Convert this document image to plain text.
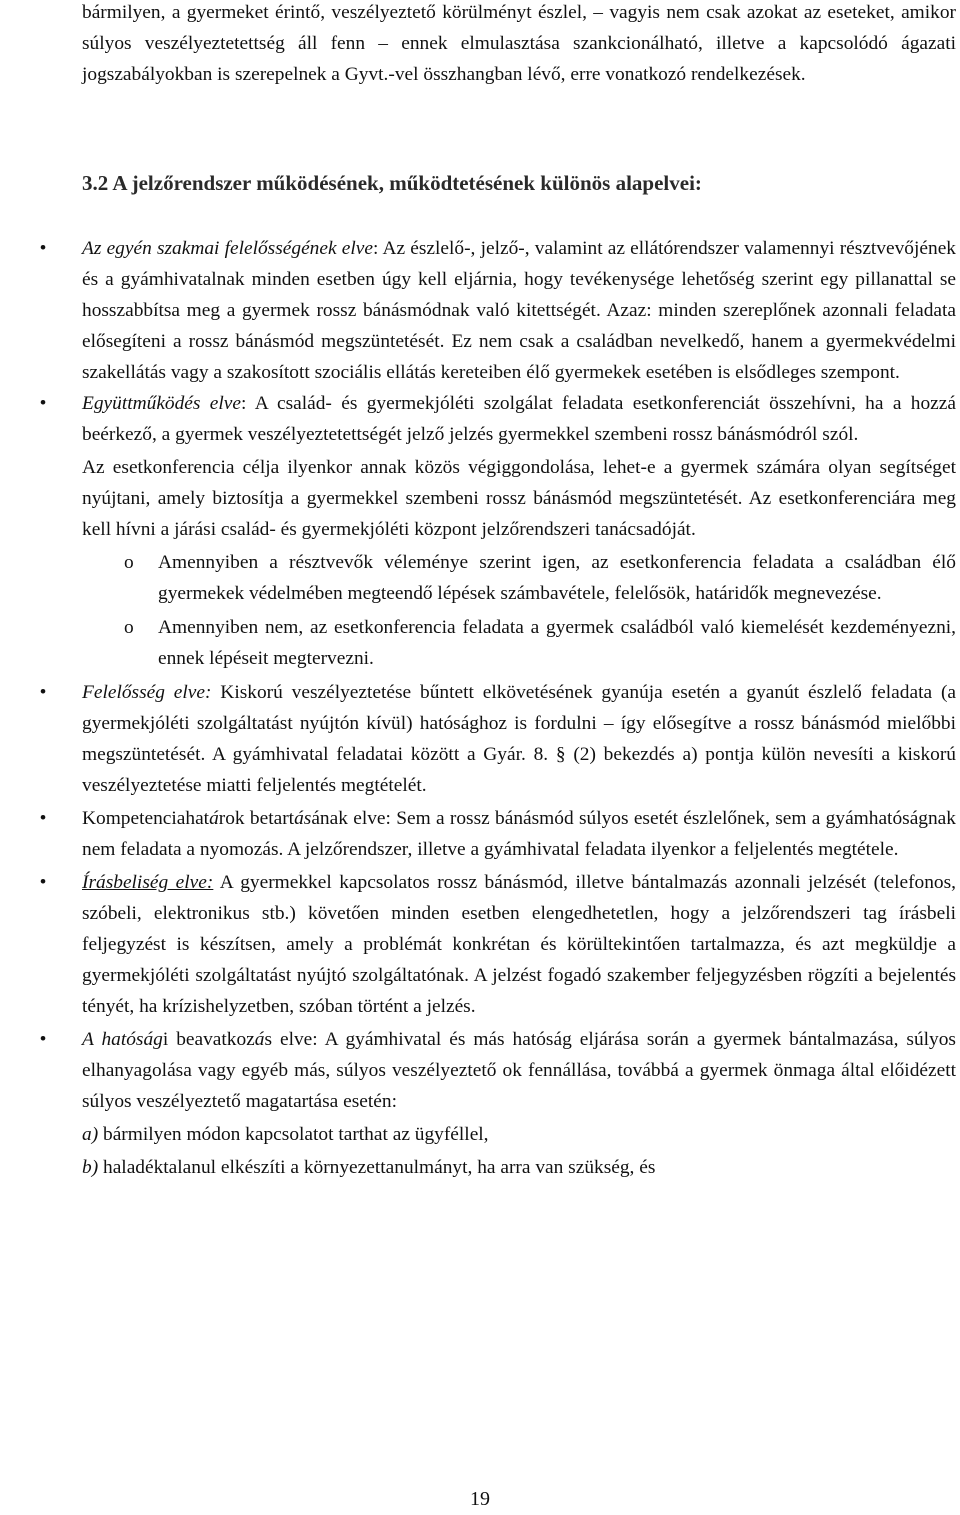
bármilyen, a gyermeket érintő, veszélyeztető körülményt észlel, – vagyis nem csak azokat az eseteket, amikor súlyos veszélyeztetettség áll fenn – ennek elmulasztása szankcionálható, illetve a kapcsolódó ágazati jogszabályokban is szerepelnek a Gyvt.-vel összhangban lévő, erre vonatkozó rendelkezések.
3.2 A jelzőrendszer működésének, működtetésének különös alapelvei:
• Az egyén szakmai felelősségének elve: Az észlelő-, jelző-, valamint az ellátórendszer valamennyi résztvevőjének és a gyámhivatalnak minden esetben úgy kell eljárnia, hogy tevékenysége lehetőség szerint egy pillanattal se hosszabbítsa meg a gyermek rossz bánásmódnak való kitettségét. Azaz: minden szereplőnek azonnali feladata elősegíteni a rossz bánásmód megszüntetését. Ez nem csak a családban nevelkedő, hanem a gyermekvédelmi szakellátás vagy a szakosított szociális ellátás kereteiben élő gyermekek esetében is elsődleges szempont.
• Együttműködés elve: A család- és gyermekjóléti szolgálat feladata esetkonferenciát összehívni, ha a hozzá beérkező, a gyermek veszélyeztetettségét jelző jelzés gyermekkel szembeni rossz bánásmódról szól.
Az esetkonferencia célja ilyenkor annak közös végiggondolása, lehet-e a gyermek számára olyan segítséget nyújtani, amely biztosítja a gyermekkel szembeni rossz bánásmód megszüntetését. Az esetkonferenciára meg kell hívni a járási család- és gyermekjóléti központ jelzőrendszeri tanácsadóját.
o Amennyiben a résztvevők véleménye szerint igen, az esetkonferencia feladata a családban élő gyermekek védelmében megteendő lépések számbavétele, felelősök, határidők megnevezése.
o Amennyiben nem, az esetkonferencia feladata a gyermek családból való kiemelését kezdeményezni, ennek lépéseit megtervezni.
• Felelősség elve: Kiskorú veszélyeztetése bűntett elkövetésének gyanúja esetén a gyanút észlelő feladata (a gyermekjóléti szolgáltatást nyújtón kívül) hatósághoz is fordulni – így elősegítve a rossz bánásmód mielőbbi megszüntetését. A gyámhivatal feladatai között a Gyár. 8. § (2) bekezdés a) pontja külön nevesíti a kiskorú veszélyeztetése miatti feljelentés megtételét.
• Kompetenciahatárok betartásának elve: Sem a rossz bánásmód súlyos esetét észlelőnek, sem a gyámhatóságnak nem feladata a nyomozás. A jelzőrendszer, illetve a gyámhivatal feladata ilyenkor a feljelentés megtétele.
• Írásbeliség elve: A gyermekkel kapcsolatos rossz bánásmód, illetve bántalmazás azonnali jelzését (telefonos, szóbeli, elektronikus stb.) követően minden esetben elengedhetetlen, hogy a jelzőrendszeri tag írásbeli feljegyzést is készítsen, amely a problémát konkrétan és körültekintően tartalmazza, és azt megküldje a gyermekjóléti szolgáltatást nyújtó szolgáltatónak. A jelzést fogadó szakember feljegyzésben rögzíti a bejelentés tényét, ha krízishelyzetben, szóban történt a jelzés.
• A hatósági beavatkozás elve: A gyámhivatal és más hatóság eljárása során a gyermek bántalmazása, súlyos elhanyagolása vagy egyéb más, súlyos veszélyeztető ok fennállása, továbbá a gyermek önmaga által előidézett súlyos veszélyeztető magatartása esetén:
a) bármilyen módon kapcsolatot tarthat az ügyféllel,
b) haladéktalanul elkészíti a környezettanulmányt, ha arra van szükség, és
19
